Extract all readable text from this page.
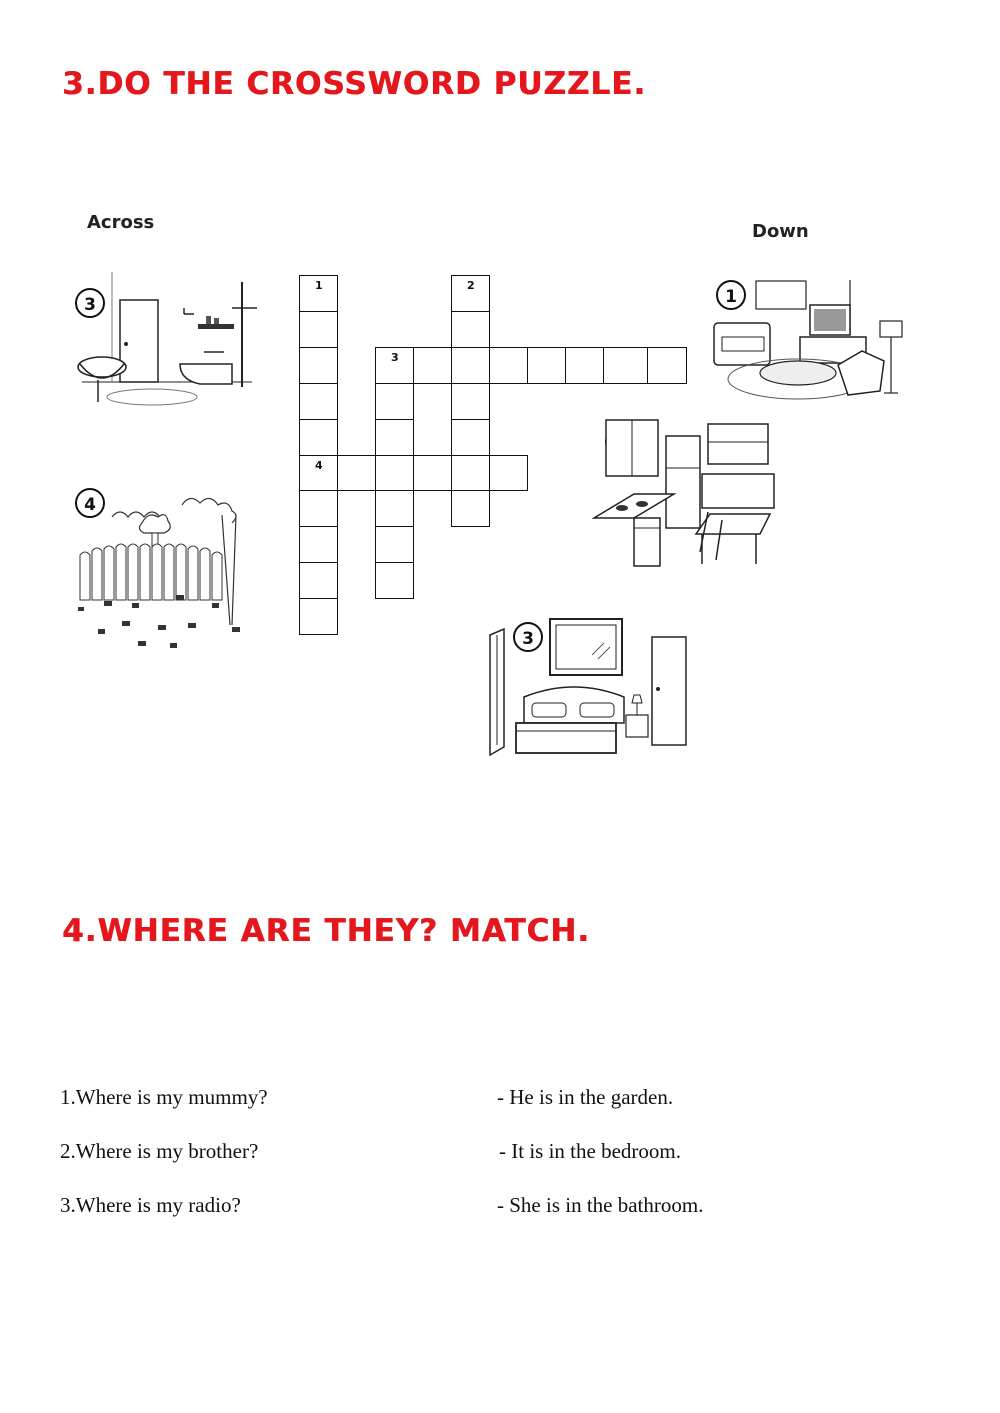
3.DO THE CROSSWORD PUZZLE.
Across	Down
1
4
2
3
3
4
1
3
4.WHERE ARE THEY? MATCH.
1.Where is my mummy?
2.Where is my brother?
3.Where is my radio?
- He is in the garden.
- It is in the bedroom.
- She is in the bathroom.
